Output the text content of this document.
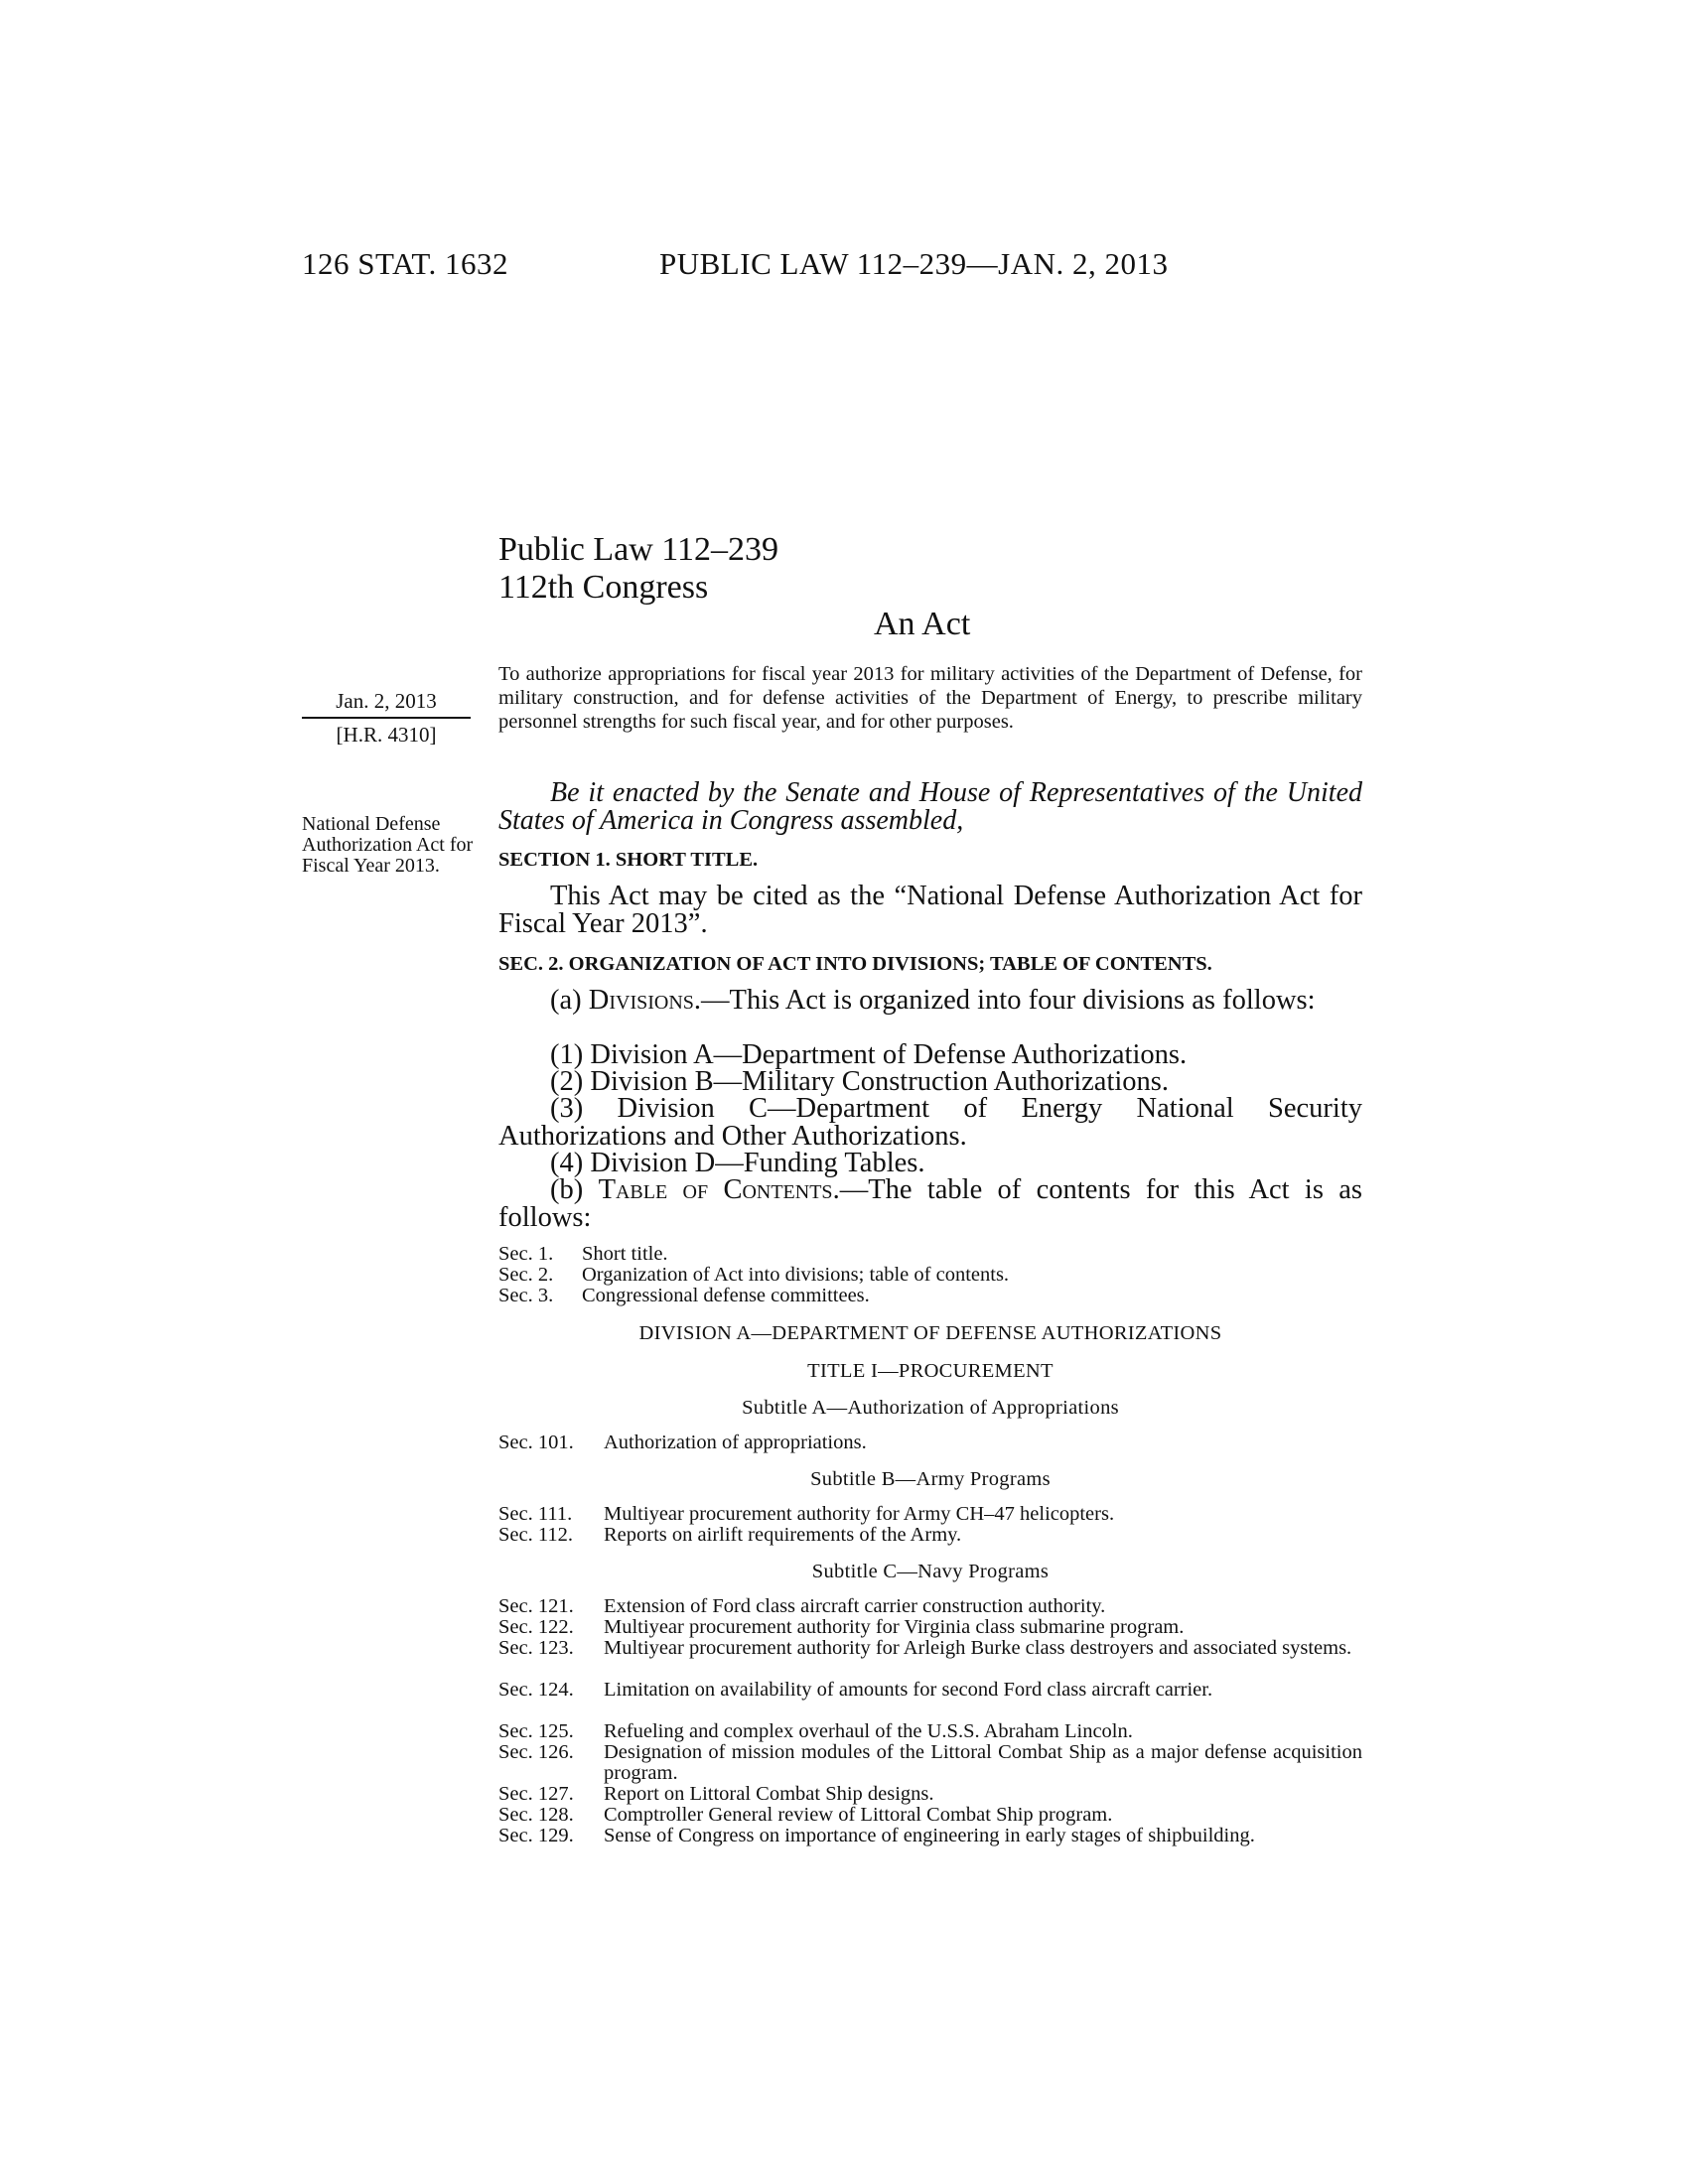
126 STAT. 1632	PUBLIC LAW 112–239—JAN. 2, 2013
Public Law 112–239
112th Congress
An Act
Jan. 2, 2013
[H.R. 4310]
National Defense Authorization Act for Fiscal Year 2013.
To authorize appropriations for fiscal year 2013 for military activities of the Department of Defense, for military construction, and for defense activities of the Department of Energy, to prescribe military personnel strengths for such fiscal year, and for other purposes.
Be it enacted by the Senate and House of Representatives of the United States of America in Congress assembled,
SECTION 1. SHORT TITLE.
This Act may be cited as the “National Defense Authorization Act for Fiscal Year 2013”.
SEC. 2. ORGANIZATION OF ACT INTO DIVISIONS; TABLE OF CONTENTS.
(a) Divisions.—This Act is organized into four divisions as follows:
(1) Division A—Department of Defense Authorizations.
(2) Division B—Military Construction Authorizations.
(3) Division C—Department of Energy National Security Authorizations and Other Authorizations.
(4) Division D—Funding Tables.
(b) Table of Contents.—The table of contents for this Act is as follows:
Sec. 1.	Short title.
Sec. 2.	Organization of Act into divisions; table of contents.
Sec. 3.	Congressional defense committees.
DIVISION A—DEPARTMENT OF DEFENSE AUTHORIZATIONS
TITLE I—PROCUREMENT
Subtitle A—Authorization of Appropriations
Sec. 101.	Authorization of appropriations.
Subtitle B—Army Programs
Sec. 111.	Multiyear procurement authority for Army CH–47 helicopters.
Sec. 112.	Reports on airlift requirements of the Army.
Subtitle C—Navy Programs
Sec. 121.	Extension of Ford class aircraft carrier construction authority.
Sec. 122.	Multiyear procurement authority for Virginia class submarine program.
Sec. 123.	Multiyear procurement authority for Arleigh Burke class destroyers and associated systems.
Sec. 124.	Limitation on availability of amounts for second Ford class aircraft carrier.
Sec. 125.	Refueling and complex overhaul of the U.S.S. Abraham Lincoln.
Sec. 126.	Designation of mission modules of the Littoral Combat Ship as a major defense acquisition program.
Sec. 127.	Report on Littoral Combat Ship designs.
Sec. 128.	Comptroller General review of Littoral Combat Ship program.
Sec. 129.	Sense of Congress on importance of engineering in early stages of shipbuilding.
